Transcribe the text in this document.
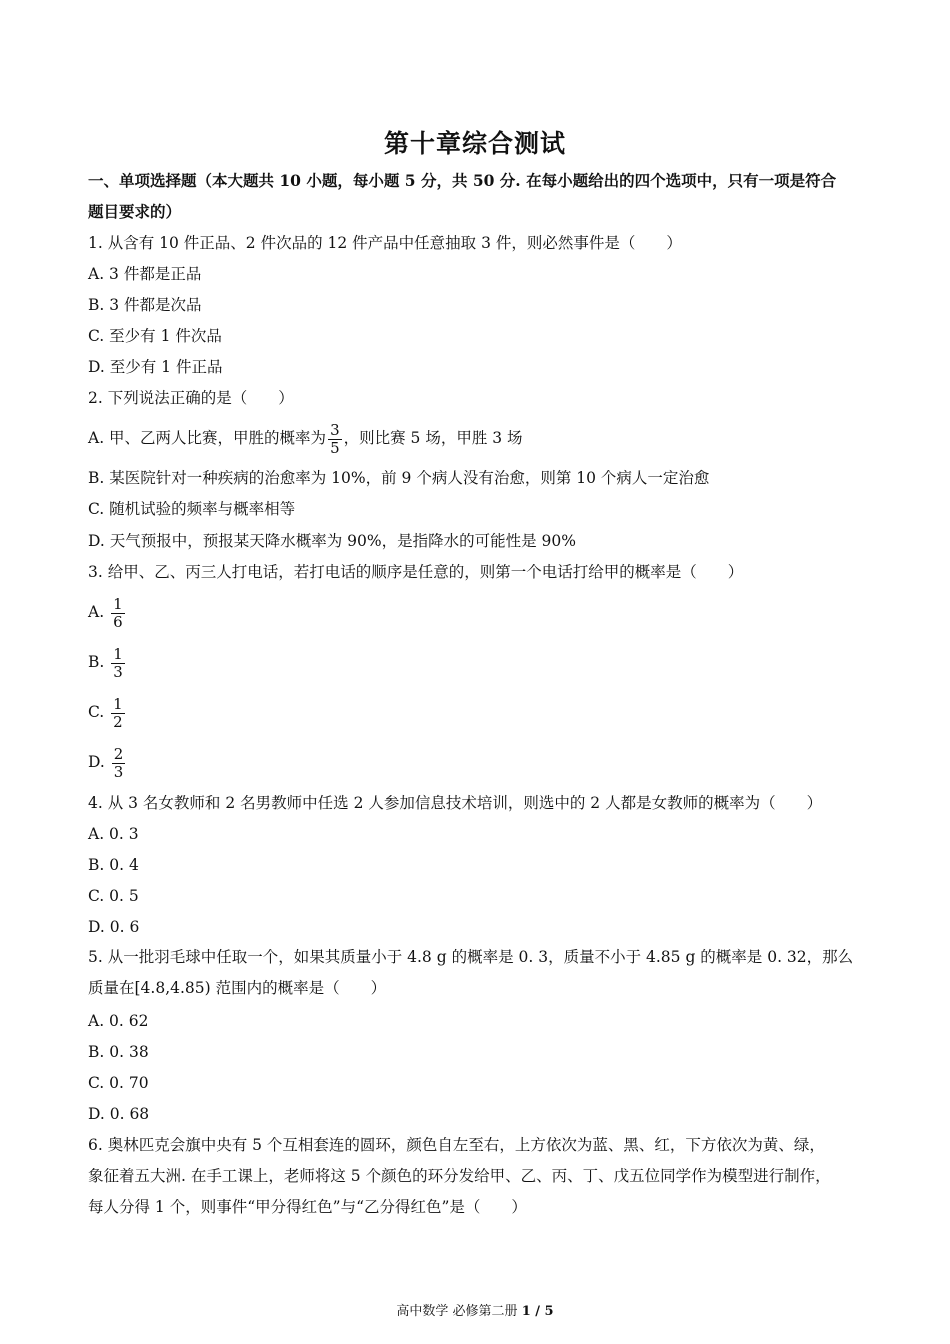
第十章综合测试
一、单项选择题（本大题共 10 小题，每小题 5 分，共 50 分. 在每小题给出的四个选项中，只有一项是符合
题目要求的）
1. 从含有 10 件正品、2 件次品的 12 件产品中任意抽取 3 件，则必然事件是（　　）
A. 3 件都是正品
B. 3 件都是次品
C. 至少有 1 件次品
D. 至少有 1 件正品
2. 下列说法正确的是（　　）
A. 甲、乙两人比赛，甲胜的概率为 $\frac{3}{5}$ ，则比赛 5 场，甲胜 3 场
B. 某医院针对一种疾病的治愈率为 10%，前 9 个病人没有治愈，则第 10 个病人一定治愈
C. 随机试验的频率与概率相等
D. 天气预报中，预报某天降水概率为 90%，是指降水的可能性是 90%
3. 给甲、乙、丙三人打电话，若打电话的顺序是任意的，则第一个电话打给甲的概率是（　　）
A. $\frac{1}{6}$
B. $\frac{1}{3}$
C. $\frac{1}{2}$
D. $\frac{2}{3}$
4. 从 3 名女教师和 2 名男教师中任选 2 人参加信息技术培训，则选中的 2 人都是女教师的概率为（　　）
A. 0. 3
B. 0. 4
C. 0. 5
D. 0. 6
5. 从一批羽毛球中任取一个，如果其质量小于 4.8 g 的概率是 0. 3，质量不小于 4.85 g 的概率是 0. 32，那么
质量在[4.8,4.85) 范围内的概率是（　　）
A. 0. 62
B. 0. 38
C. 0. 70
D. 0. 68
6. 奥林匹克会旗中央有 5 个互相套连的圆环，颜色自左至右，上方依次为蓝、黑、红，下方依次为黄、绿，
象征着五大洲. 在手工课上，老师将这 5 个颜色的环分发给甲、乙、丙、丁、戊五位同学作为模型进行制作，
每人分得 1 个，则事件“甲分得红色”与“乙分得红色”是（　　）
高中数学 必修第二册 1 / 5
